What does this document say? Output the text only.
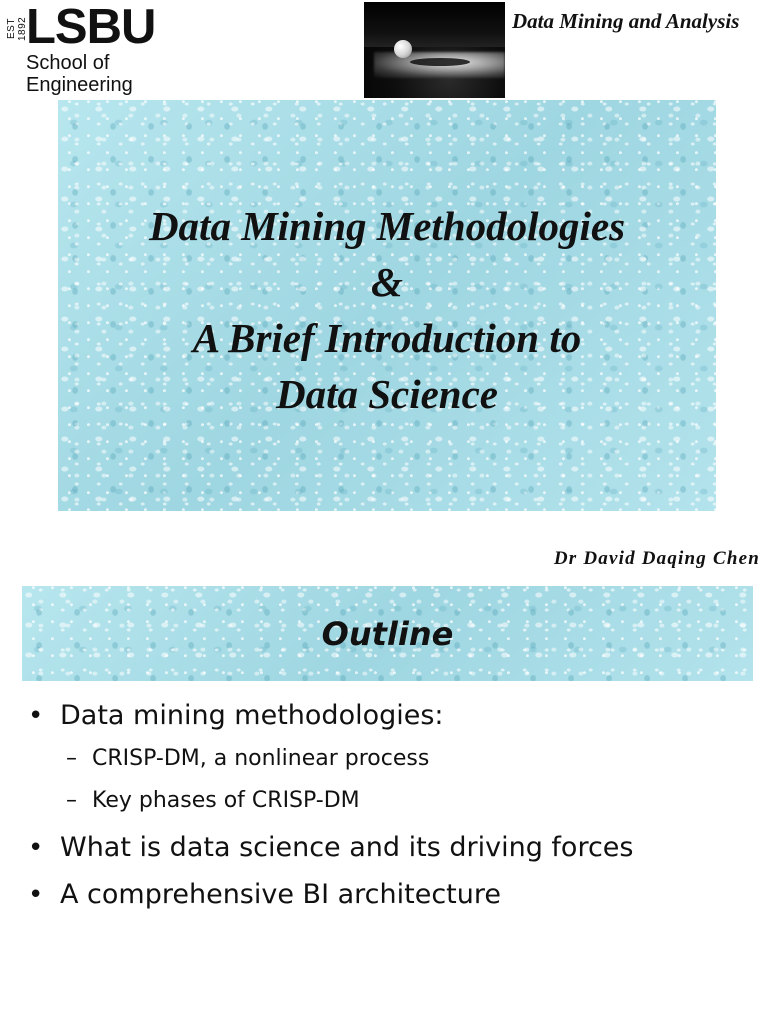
EST 1892
LSBU
School of
Engineering
Data Mining and Analysis
Data Mining Methodologies
&
A Brief Introduction to
Data Science
Dr David Daqing Chen
Outline
• Data mining methodologies:
– CRISP-DM, a nonlinear process
– Key phases of CRISP-DM
• What is data science and its driving forces
• A comprehensive BI architecture
